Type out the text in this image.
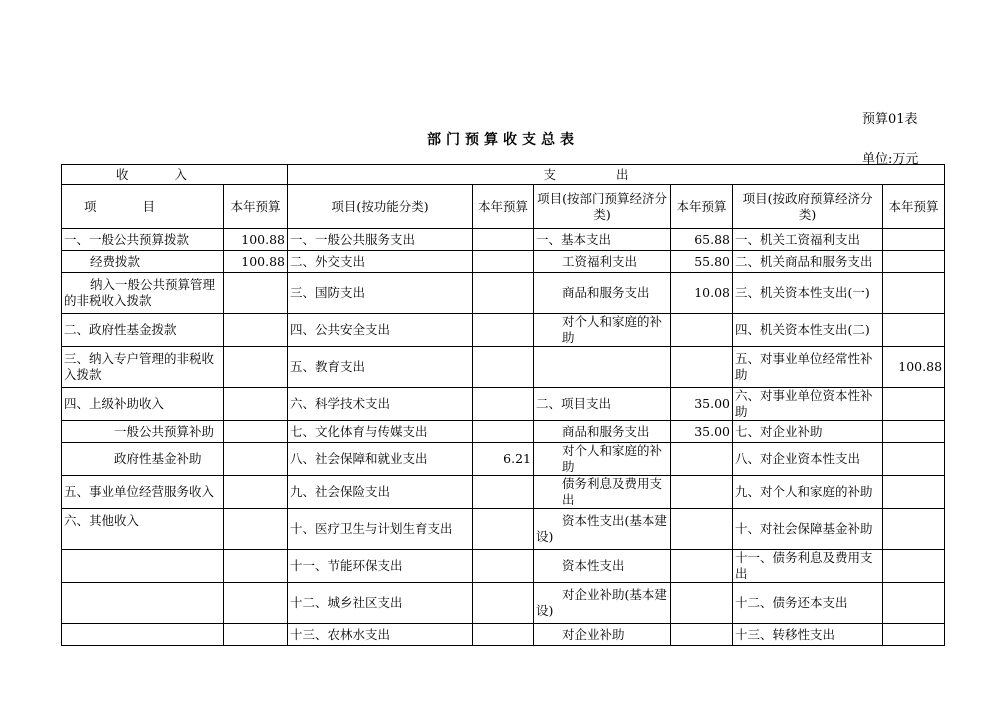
预算01表
部门预算收支总表
单位:万元
收入		支出					
项目	本年预算	项目(按功能分类)	本年预算	项目(按部门预算经济分类)	本年预算	项目(按政府预算经济分类)	本年预算
一、一般公共预算拨款	100.88	一、一般公共服务支出		一、基本支出	65.88	一、机关工资福利支出	
经费拨款	100.88	二、外交支出		工资福利支出	55.80	二、机关商品和服务支出	
纳入一般公共预算管理的非税收入拨款		三、国防支出		商品和服务支出	10.08	三、机关资本性支出(一)	
二、政府性基金拨款		四、公共安全支出		对个人和家庭的补助		四、机关资本性支出(二)	
三、纳入专户管理的非税收入拨款		五、教育支出				五、对事业单位经常性补助	100.88
四、上级补助收入		六、科学技术支出		二、项目支出	35.00	六、对事业单位资本性补助	
一般公共预算补助		七、文化体育与传媒支出		商品和服务支出	35.00	七、对企业补助	
政府性基金补助		八、社会保障和就业支出	6.21	对个人和家庭的补助		八、对企业资本性支出	
五、事业单位经营服务收入		九、社会保险支出		债务利息及费用支出		九、对个人和家庭的补助	
六、其他收入		十、医疗卫生与计划生育支出		资本性支出(基本建设)		十、对社会保障基金补助	
		十一、节能环保支出		资本性支出		十一、债务利息及费用支出	
		十二、城乡社区支出		对企业补助(基本建设)		十二、债务还本支出	
		十三、农林水支出		对企业补助		十三、转移性支出	
